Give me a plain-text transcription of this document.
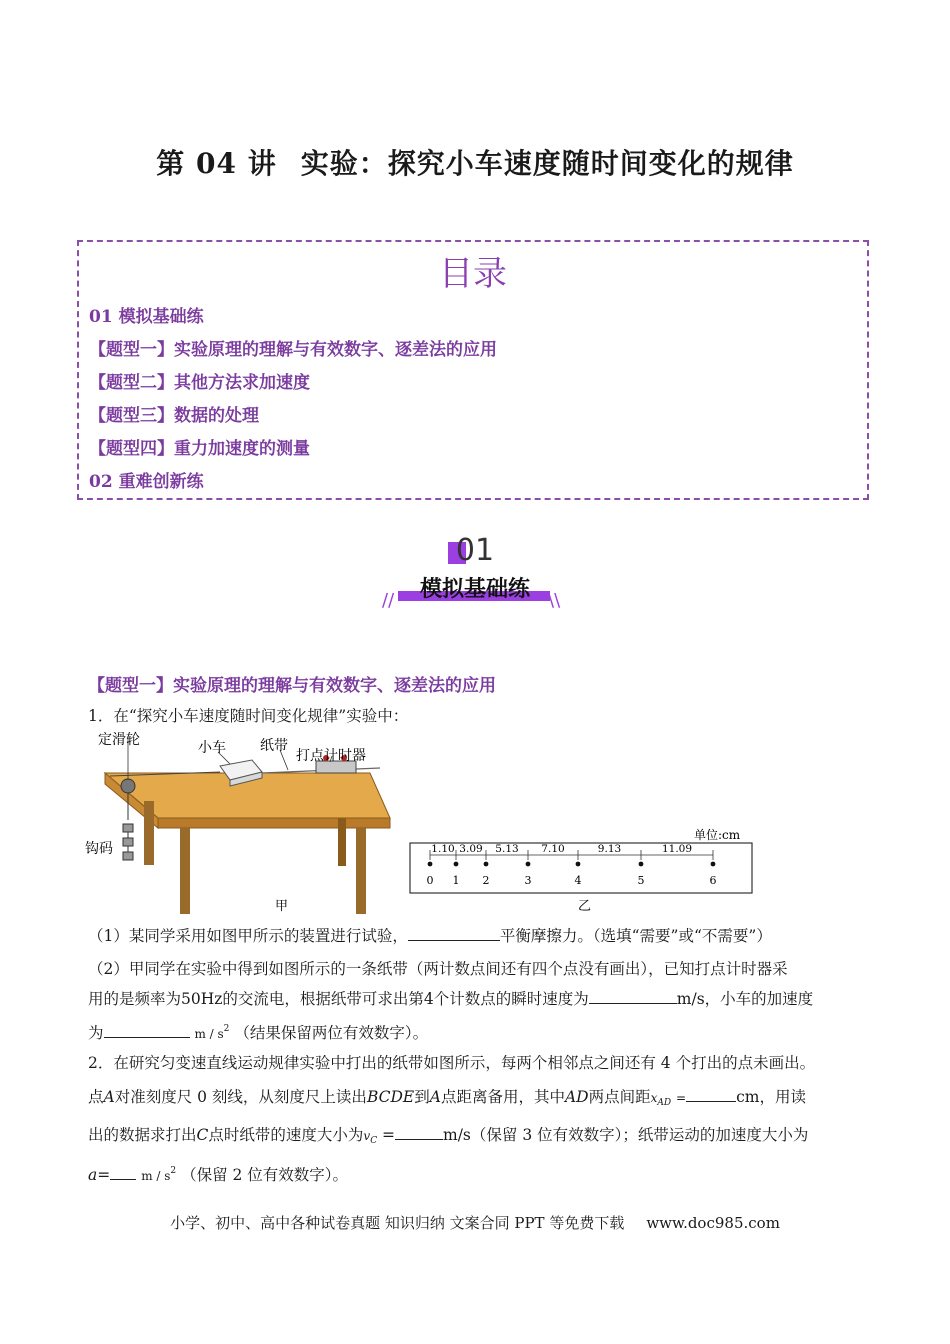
第 04 讲 实验：探究小车速度随时间变化的规律
目录
01 模拟基础练
【题型一】实验原理的理解与有效数字、逐差法的应用
【题型二】其他方法求加速度
【题型三】数据的处理
【题型四】重力加速度的测量
02 重难创新练
01
模拟基础练
//	\\
【题型一】实验原理的理解与有效数字、逐差法的应用
1．在“探究小车速度随时间变化规律”实验中：
定滑轮	小车 纸带
打点计时器
钩码
甲
0 1 2	3	4	5	6
1.10 3.09 5.13 7.10	9.13	11.09
单位:cm
乙
（1）某同学采用如图甲所示的装置进行试验，	平衡摩擦力。（选填“需要”或“不需要”）
（2）甲同学在实验中得到如图所示的一条纸带（两计数点间还有四个点没有画出），已知打点计时器采
用的是频率为50Hz的交流电，根据纸带可求出第4个计数点的瞬时速度为	m/s，小车的加速度
为	m / $s^2$ （结果保留两位有效数字）。
2．在研究匀变速直线运动规律实验中打出的纸带如图所示，每两个相邻点之间还有 4 个打出的点未画出。
点A对准刻度尺 0 刻线，从刻度尺上读出BCDE到A点距离备用，其中AD两点间距$x_{AD}$ =	cm，用读
出的数据求打出C点时纸带的速度大小为$v_C$ =	m/s（保留 3 位有效数字）；纸带运动的加速度大小为
a=	m / $s^2$ （保留 2 位有效数字）。
小学、初中、高中各种试卷真题 知识归纳 文案合同 PPT 等免费下载 www.doc985.com
